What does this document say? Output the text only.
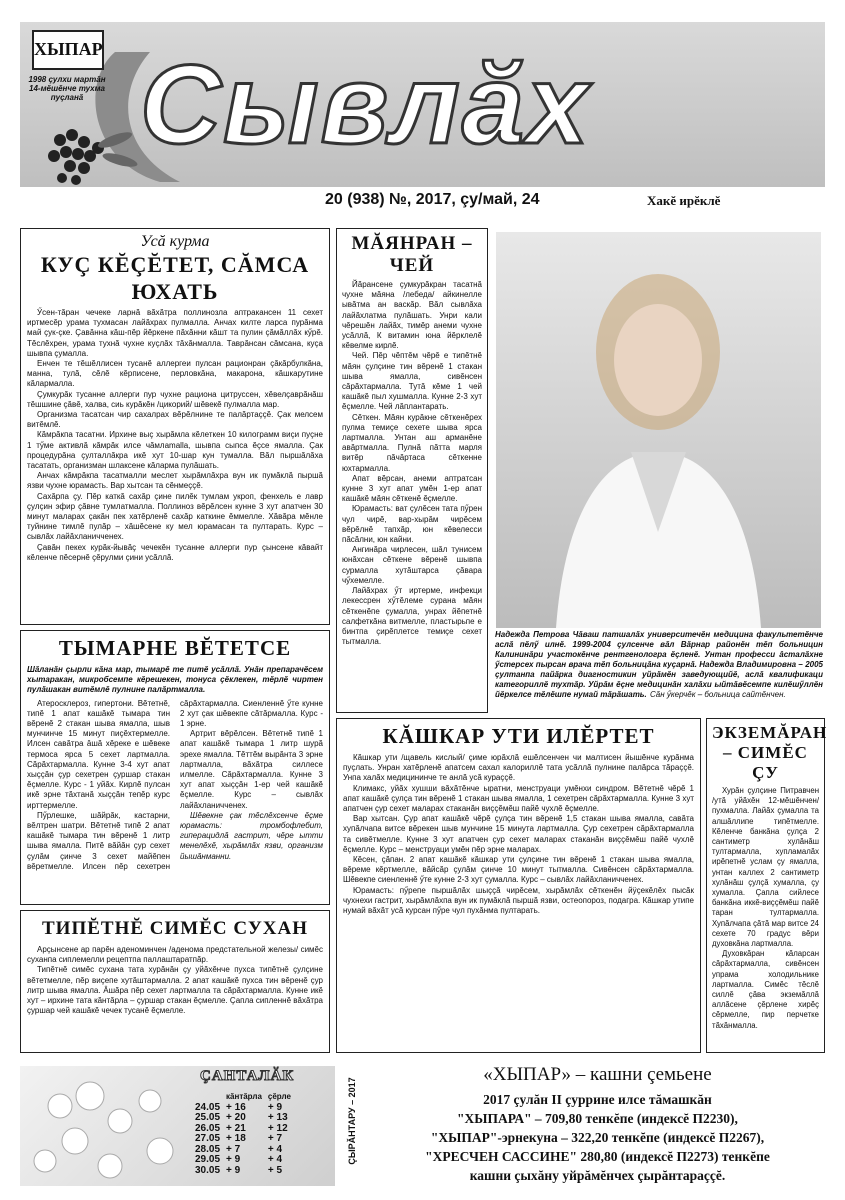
ХЫПАР
1998 çулхи мартăн 14-мĕшĕнче тухма пуçланă Сывлăх
20 (938) №, 2017, çу/май, 24	Хакĕ ирĕклĕ
Усă курма
КУÇ КĔÇĔТЕТ, СĂМСА ЮХАТЬ

Ӳсен-тăран чечеке ларнă вăхăтра поллинозла аптракансен 11 сехет иртмесĕр урама тухмасан лайăхрах пулмалла. Анчах килте ларса пурăнма май çук-çке. Çавăнна кăш-пĕр йĕркене пăхăнни кăшт та пулин çăмăллăх кӳрĕ. Тĕслĕхрен, урама тухнă чухне куçлăх тăхăнмалла. Таврăнсан сăмсана, куçа шывпа çумалла.

Енчен те тĕшĕллисен тусанĕ аллергеи пулсан рационран çăкăрбулкăна, манна, тулă, сĕлĕ кĕрписене, перловкăна, макарона, кăшкарутине кăлармалла.

Çумкурăк тусанне аллерги пур чухне рациона цитруссен, хĕвелçаврăнăш тĕшшине çăвĕ, халва, сиь курăкĕн /цикорий/ шĕвекĕ пулмалла мар.

Организма тасатсан чир сахалрах вĕрĕлнине те палăртаççĕ. Çак мелсем витĕмлĕ.

Кăмрăкпа тасатни. Ирхине выç хырăмла кĕлеткен 10 килограмм виçи пуçне 1 тӳме активлă кăмрăк илсе чăмлamalla, шывпа сыпса ĕçсе ямалла. Çак процедурăна çулталлăкра икĕ хут 10-шар кун тумалла. Вăл пыршăлăха тасатать, организман шлаксене кăларма пулăшать.

Анчах кăмрăкпа тасатмалли меслет хырăмлăхра вун ик пумăклă пыршă язви чухне юрамасть. Вар хытсан та сĕнмеççĕ.

Сахăрпа çу. Пĕр каткă сахăр çине пилĕк тумлам укроп, фенхель е лавр çулçин эфир çăвне тумлатмалла. Поллиноз вĕрĕлсен кунне 3 хут апатчен 30 минут маларах çакăн пек хатĕрленĕ сахăр каткине ĕммелле. Хăвăра мĕнле туйнине тимлĕ пулăр – хăшĕсене ку мел юрамасан та пултарать. Курс – сывлăх лайăхланичченех.

Çавăн пекех курăк-йывăç чечекĕн тусанне аллерги пур çынсене кăвайт кĕленче пĕсернĕ çĕрулми çини усăллă.

МĂЯНРАН – ЧЕЙ

Йăрансене çумкурăкран тасатнă чухне мăяна /лебеда/ айкинелле ывăтма ан васкăр. Вăл сывлăха лайăхлатма пулăшать. Унри кали чĕрешĕн лайăх, тимĕр анеми чухне усăллă, К витамин юна йĕрклелĕ кĕвелме кирлĕ.

Чей. Пĕр чĕптĕм чĕрĕ е типĕтнĕ мăян çулçине тин вĕренĕ 1 стакан шыва ямалла, сивĕнсен сăрăхтармалла. Тутă кĕме 1 чей кашăкĕ пыл хушмалла. Кунне 2-3 хут ĕçмелле. Чей лăплантарать.

Сĕткен. Мăян курăкне сĕткенĕрех пулма темиçе сехете шыва ярса лартмалла. Унтан аш арманĕне авăртмалла. Пулнă пăтта марля витĕр пăчăртаса сĕткенне юхтармалла.

Апат вĕрсан, анеми аптратсан кунне 3 хут апат умĕн 1-ер апат кашăкĕ мăян сĕткенĕ ĕçмелле.

Юрамасть: ват çулĕсен тата пӳрен чул чирĕ, вар-хырăм чирĕсем вĕрĕлнĕ тапхăр, юн кĕвелесси пăсăлни, юн кайни.

Ангинăра чирлесен, шăл тунисем юнăхсан сĕткене вĕренĕ шывпа сурмалла хутăштарса çăвара чӳхемелле.

Лайăхрах ӳт иртерме, инфекци лекессрен хӳтĕлеме сурана мăян сĕткенĕпе çумалла, унрах йĕпетнĕ салфеткăна витмелле, пластырьпе е бинтпа çирĕплетсе темиçе сехет тытмалла.

Надежда Петрова Чăваш патшалăх университечĕн медицина факультетĕнче аслă пĕлӳ илнĕ. 1999-2004 çулсенче вăл Вăрнар районĕн тĕп больницин Калининăри участокĕнче рентгенологра ĕçленĕ. Унтан професси âсталăхне ӳстерсех пырсан врача тĕп больницăна куçарнă. Надежда Владимировна – 2005 çултанпа пайăрка диагностикин уйрăмĕн заведующийĕ, аслă квалификаци категориллĕ тухтăр. Уйрăм ĕçне медицинăн халăхи ыйтăвĕсемпе килĕшӳллĕн йĕркелсе тĕлĕшпе нумай тăрăшать. Сăн ӳкерчĕк – больница сайтĕнчен.
ТЫМАРНЕ ВĔТЕТСЕ
Шăланăн çырли кăна мар, тымарĕ те питĕ усăллă. Унăн препарачĕсем хытаракан, микробсемпе кĕрешекен, тонуса çĕклекен, тĕрлĕ чиртен пулăшакан витĕмлĕ пулнине палăртмалла.

Атеросклероз, гипертони. Вĕтетнĕ, типĕ 1 апат кашăкĕ тымара тин вĕренĕ 2 стакан шыва ямалла, шыв мунчинче 15 минут пиçĕхтермелле. Илсен савăтра âшă хĕреке е шĕвеке термоса ярса 5 сехет лартмалла. Сăрăхтармалла. Кунне 3-4 хут апат хыççăн çур сехетрен çуршар стакан ĕçмелле. Курс - 1 уйăх. Кирлĕ пулсан икĕ эрне тăхтанă хыççăн тепĕр курс ирттермелле.

Пӳрлешке, шăйрăк, кастарни, вĕлтрен шатри. Вĕтетнĕ типĕ 2 апат кашăкĕ тымара тин вĕренĕ 1 литр шыва ямалла. Питĕ вăйăн çур сехет çулăм çинче 3 сехет майĕпен вĕретмелле. Илсен пĕр сехетрен сăрăхтармалла. Сиенленнĕ ӳте кунне 2 хут çак шĕвекпе сăтăрмалла. Курс - 1 эрне.

Артрит вĕрĕлсен. Вĕтетнĕ типĕ 1 апат кашăкĕ тымара 1 литр шурă эрехе ямалла. Тĕттĕм вырăнта 3 эрне лартмалла, вăхăтра силлесе илмелле. Сăрăхтармалла. Кунне 3 хут апат хыççăн 1-ер чей кашăкĕ ĕçмелле. Курс – сывлăх лайăхланичченех.

Шĕвекне çак тĕслĕхсенче ĕçме юрамасть: тромбофлебит, гиперацидлă гастрит, чĕре ытти менелĕхĕ, хырăмлăх язви, организм йышăнманни.

КĂШКАР УТИ ИЛĔРТЕТ

Кăшкар ути /щавель кислый/ çиме юрăхлă ешĕлсенчен чи малтисен йышĕнче курăнма пуçлать. Унран хатĕрленĕ апатсем сахал калориллĕ тата усăллă пулнине палăрса тăраççĕ. Унпа халăх медицининче те анлă усă кураççĕ.

Климакс, уйăх хушши вăхăтĕнче ыратни, менструаци умĕнхи синдром. Вĕтетнĕ чĕрĕ 1 апат кашăкĕ çулçа тин вĕренĕ 1 стакан шыва ямалла, 1 сехетрен сăрăхтармалла. Кунне 3 хут апатчен çур сехет маларах стаканăн виççĕмĕш пайĕ чухлĕ ĕçмелле.

Вар хытсан. Çур апат кашăкĕ чĕрĕ çулçа тин вĕренĕ 1,5 стакан шыва ямалла, савăта хупăлчапа витсе вĕрекен шыв мунчине 15 минута лартмалла. Çур сехетрен сăрăхтармалла та сивĕтмелле. Кунне 3 хут апатчен çур сехет маларах стаканăн виççĕмĕш пайĕ чухлĕ ĕçмелле. Курс – менструаци умĕн пĕр эрне маларах.

Кĕсен, çăпан. 2 апат кашăкĕ кăшкар ути çулçине тин вĕренĕ 1 стакан шыва ямалла, вĕреме кĕртмелле, вăйсăр çулăм çинче 10 минут тытмалла. Сивĕнсен сăрăхтармалла. Шĕвекпе сиенленнĕ ӳте кунне 2-3 хут çумалла. Курс – сывлăх лайăхланичченех.

Юрамасть: пӳрепе пыршăлăх шыççă чирĕсем, хырăмлăх сĕткенĕн йÿçекĕлĕх пысăк чухнехи гастрит, хырăмлăхпа вун ик пумăклă пыршă язви, остеопороз, подагра. Кăшкар утипе нумай вăхăт усă курсан пӳре чул пухăнма пултарать.

ЭКЗЕМĂРАН – СИМĔС ÇУ

Хурăн çулçине Питравчен /утă уйăхĕн 12-мĕшĕнчен/ пухмалла. Лайăх çумалла та алшăллипе типĕтмелле. Кĕленче банкăна çулçа 2 сантиметр хулăнăш тултармалла, хупламалăх ирĕпетнĕ услам çу ямалла, унтан каллех 2 сантиметр хулăнăш çулçă хумалла, çу хумалла. Çапла сийлесе банкăна иккĕ-виççĕмĕш пайĕ таран тултармалла. Хупăлчапа çăтă мар витсе 24 сехете 70 градус вĕри духовкăна лартмалла.

Духовкăран кăларсан сăрăхтармалла, сивĕнсен упрама холодильнике лартмалла. Симĕс тĕслĕ силлĕ çăва экземăллă аллăсене çĕрлене хирĕç сĕрмелле, пир перчетке тăхăнмалла.

ТИПĔТНĔ СИМĔС СУХАН

Арçынсене ар парĕн аденоминчен /аденома предстательной железы/ симĕс суханпа сиплемелли рецептпа паллаштаратпăр.

Типĕтнĕ симĕс сухана тата хурăнăн çу уйăхĕнче пухса типĕтнĕ çулçине вĕтетмелле, пĕр виçепе хутăштармалла. 2 апат кашăкĕ пухса тин вĕренĕ çур литр шыва ямалла. Âшăра пĕр сехет лартмалла та сăрăхтармалла. Кунне икĕ хут – ирхине тата кăнтăрла – çуршар стакан ĕçмелле. Çапла сипленнĕ вăхăтра çуршар чей кашăкĕ чечек тусанĕ ĕçмелле.

ÇАНТАЛĂК
	кăнтăрла	çĕрле
24.05	+ 16	+ 9
25.05	+ 20	+ 13
26.05	+ 21	+ 12
27.05	+ 18	+ 7
28.05	+ 7	+ 4
29.05	+ 9	+ 4
30.05	+ 9	+ 5
ÇЫРĂНТАРУ – 2017
«ХЫПАР» – кашни çемьене
2017 çулăн II çуррине илсе тăмашкăн
"ХЫПАРА" – 709,80 тенкĕпе (индексĕ П2230),
"ХЫПАР"-эрнекуна – 322,20 тенкĕпе (индексĕ П2267),
"ХРЕСЧЕН САССИНЕ" 280,80 (индексĕ П2273) тенкĕпе
кашни çыхăну уйрăмĕнчех çырăнтараççĕ.
